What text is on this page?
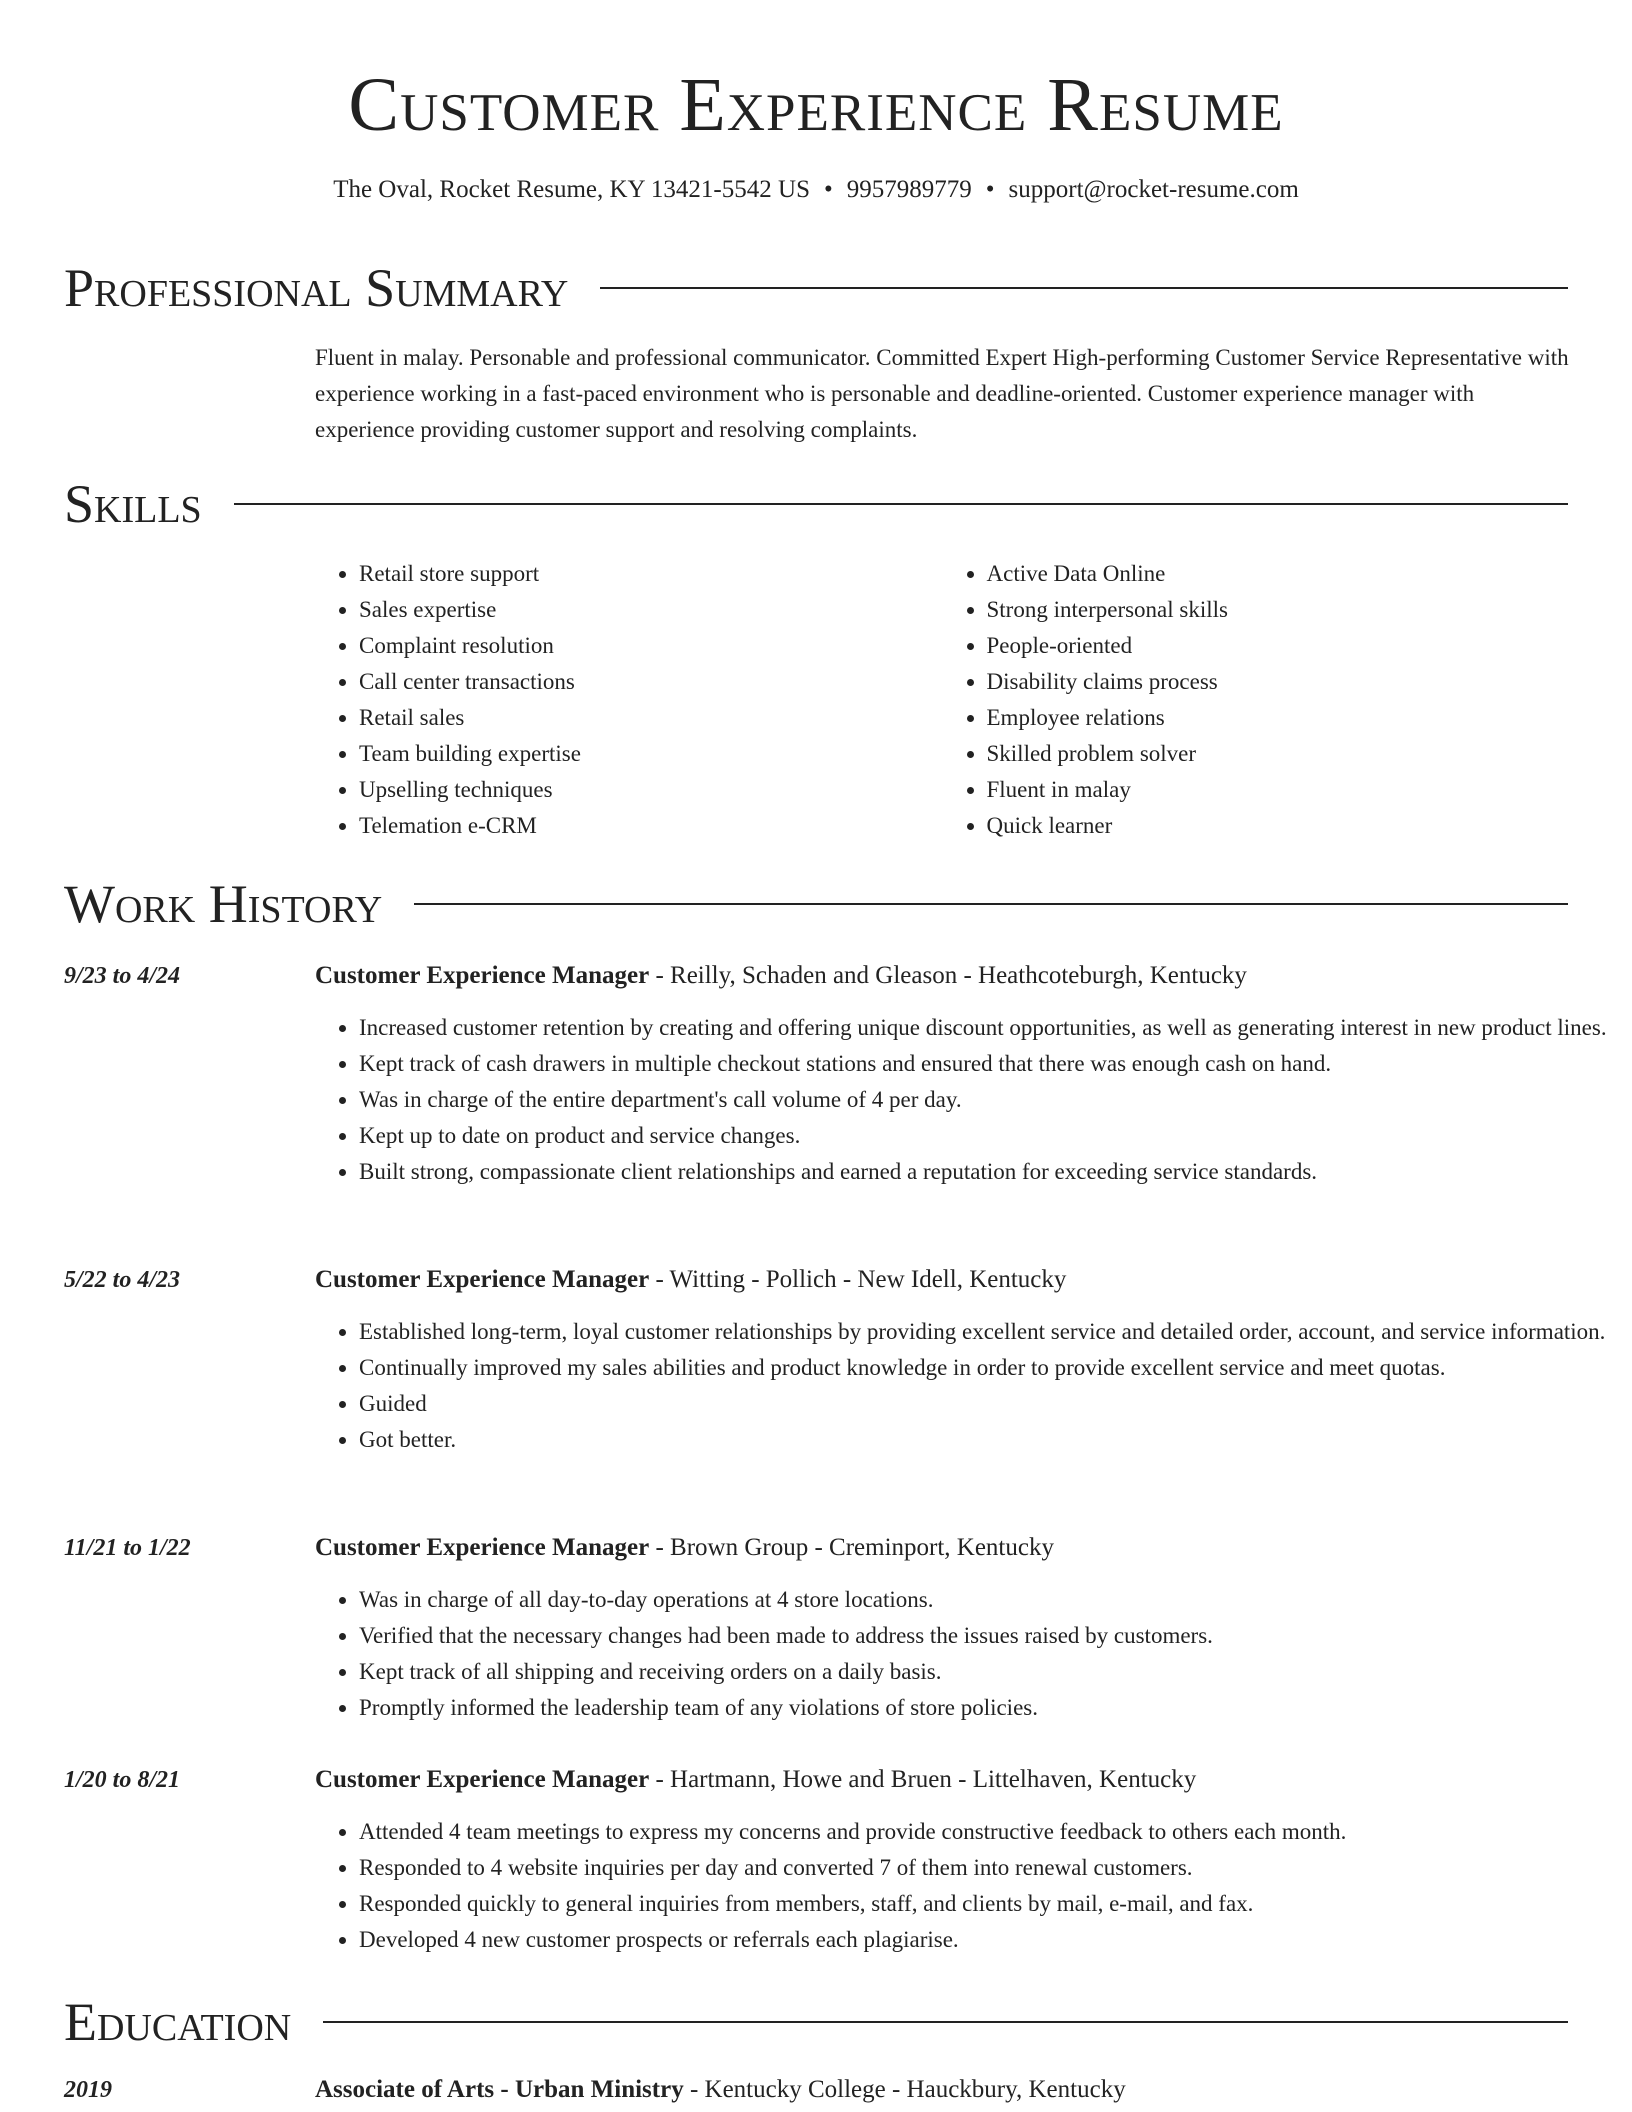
Customer Experience Resume
The Oval, Rocket Resume, KY 13421-5542 US • 9957989779 • support@rocket-resume.com
Professional Summary

Fluent in malay. Personable and professional communicator. Committed Expert High-performing Customer Service Representative with experience working in a fast-paced environment who is personable and deadline-oriented. Customer experience manager with experience providing customer support and resolving complaints.

Skills
• Retail store support
• Sales expertise
• Complaint resolution
• Call center transactions
• Retail sales
• Team building expertise
• Upselling techniques
• Telemation e-CRM
• Active Data Online
• Strong interpersonal skills
• People-oriented
• Disability claims process
• Employee relations
• Skilled problem solver
• Fluent in malay
• Quick learner
Work History
9/23 to 4/24	Customer Experience Manager - Reilly, Schaden and Gleason - Heathcoteburgh, Kentucky
• Increased customer retention by creating and offering unique discount opportunities, as well as generating interest in new product lines.
• Kept track of cash drawers in multiple checkout stations and ensured that there was enough cash on hand.
• Was in charge of the entire department's call volume of 4 per day.
• Kept up to date on product and service changes.
• Built strong, compassionate client relationships and earned a reputation for exceeding service standards.
5/22 to 4/23	Customer Experience Manager - Witting - Pollich - New Idell, Kentucky
• Established long-term, loyal customer relationships by providing excellent service and detailed order, account, and service information.
• Continually improved my sales abilities and product knowledge in order to provide excellent service and meet quotas.
• Guided
• Got better.
11/21 to 1/22	Customer Experience Manager - Brown Group - Creminport, Kentucky
• Was in charge of all day-to-day operations at 4 store locations.
• Verified that the necessary changes had been made to address the issues raised by customers.
• Kept track of all shipping and receiving orders on a daily basis.
• Promptly informed the leadership team of any violations of store policies.
1/20 to 8/21	Customer Experience Manager - Hartmann, Howe and Bruen - Littelhaven, Kentucky
• Attended 4 team meetings to express my concerns and provide constructive feedback to others each month.
• Responded to 4 website inquiries per day and converted 7 of them into renewal customers.
• Responded quickly to general inquiries from members, staff, and clients by mail, e-mail, and fax.
• Developed 4 new customer prospects or referrals each plagiarise.
Education
2019	Associate of Arts - Urban Ministry - Kentucky College - Hauckbury, Kentucky
